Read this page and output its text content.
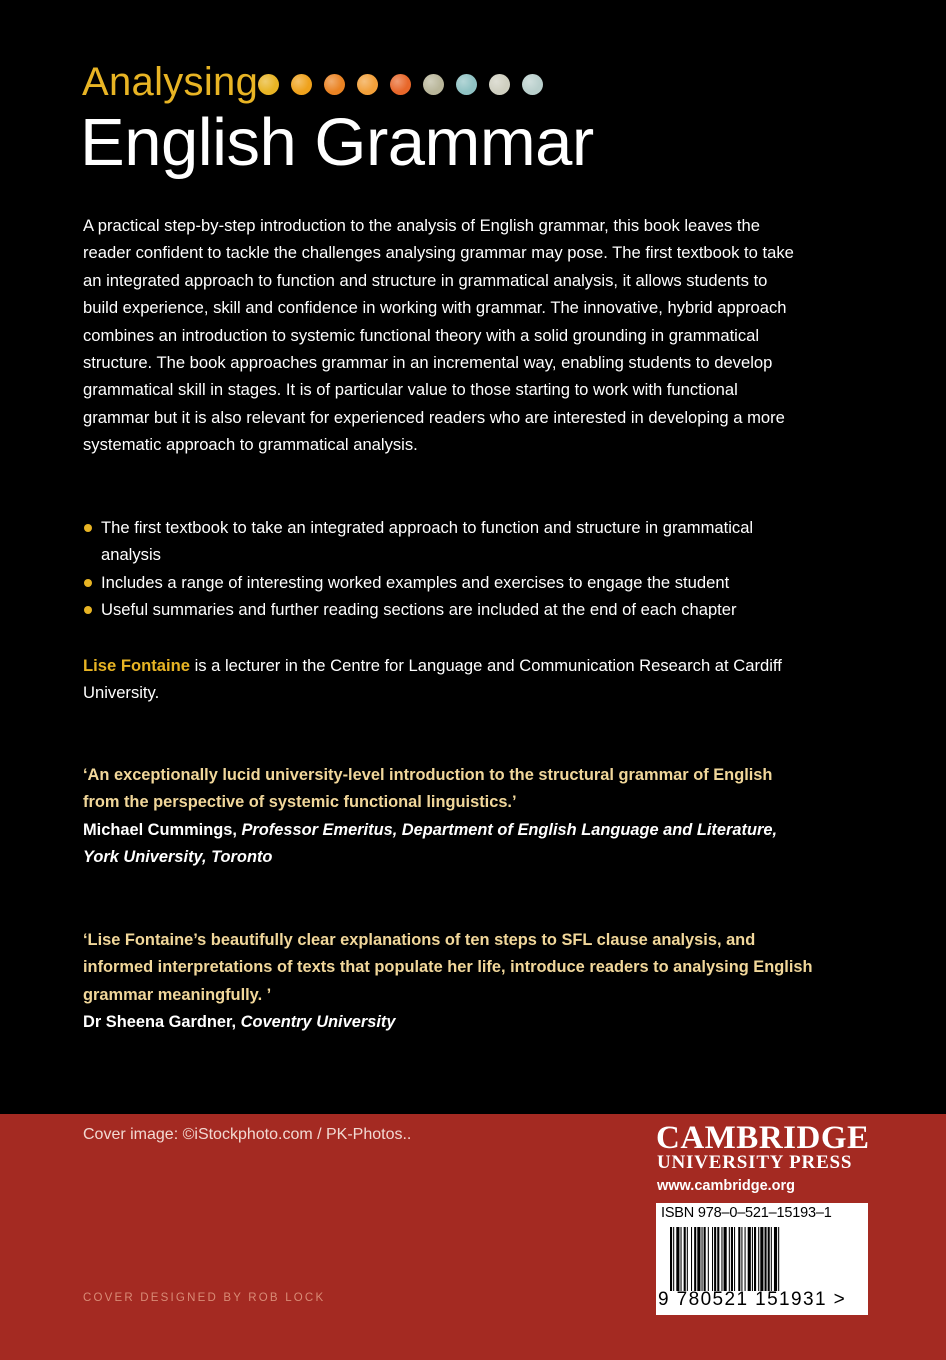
Analysing
English Grammar
A practical step-by-step introduction to the analysis of English grammar, this book leaves the reader confident to tackle the challenges analysing grammar may pose. The first textbook to take an integrated approach to function and structure in grammatical analysis, it allows students to build experience, skill and confidence in working with grammar. The innovative, hybrid approach combines an introduction to systemic functional theory with a solid grounding in grammatical structure. The book approaches grammar in an incremental way, enabling students to develop grammatical skill in stages. It is of particular value to those starting to work with functional grammar but it is also relevant for experienced readers who are interested in developing a more systematic approach to grammatical analysis.
The first textbook to take an integrated approach to function and structure in grammatical analysis
Includes a range of interesting worked examples and exercises to engage the student
Useful summaries and further reading sections are included at the end of each chapter
Lise Fontaine is a lecturer in the Centre for Language and Communication Research at Cardiff University.
‘An exceptionally lucid university-level introduction to the structural grammar of English from the perspective of systemic functional linguistics.’
Michael Cummings, Professor Emeritus, Department of English Language and Literature, York University, Toronto
‘Lise Fontaine’s beautifully clear explanations of ten steps to SFL clause analysis, and informed interpretations of texts that populate her life, introduce readers to analysing English grammar meaningfully. ’
Dr Sheena Gardner, Coventry University
Cover image: ©iStockphoto.com / PK-Photos..
COVER DESIGNED BY ROB LOCK
CAMBRIDGE
UNIVERSITY PRESS
www.cambridge.org
ISBN 978–0–521–15193–1
9 780521 151931 >
